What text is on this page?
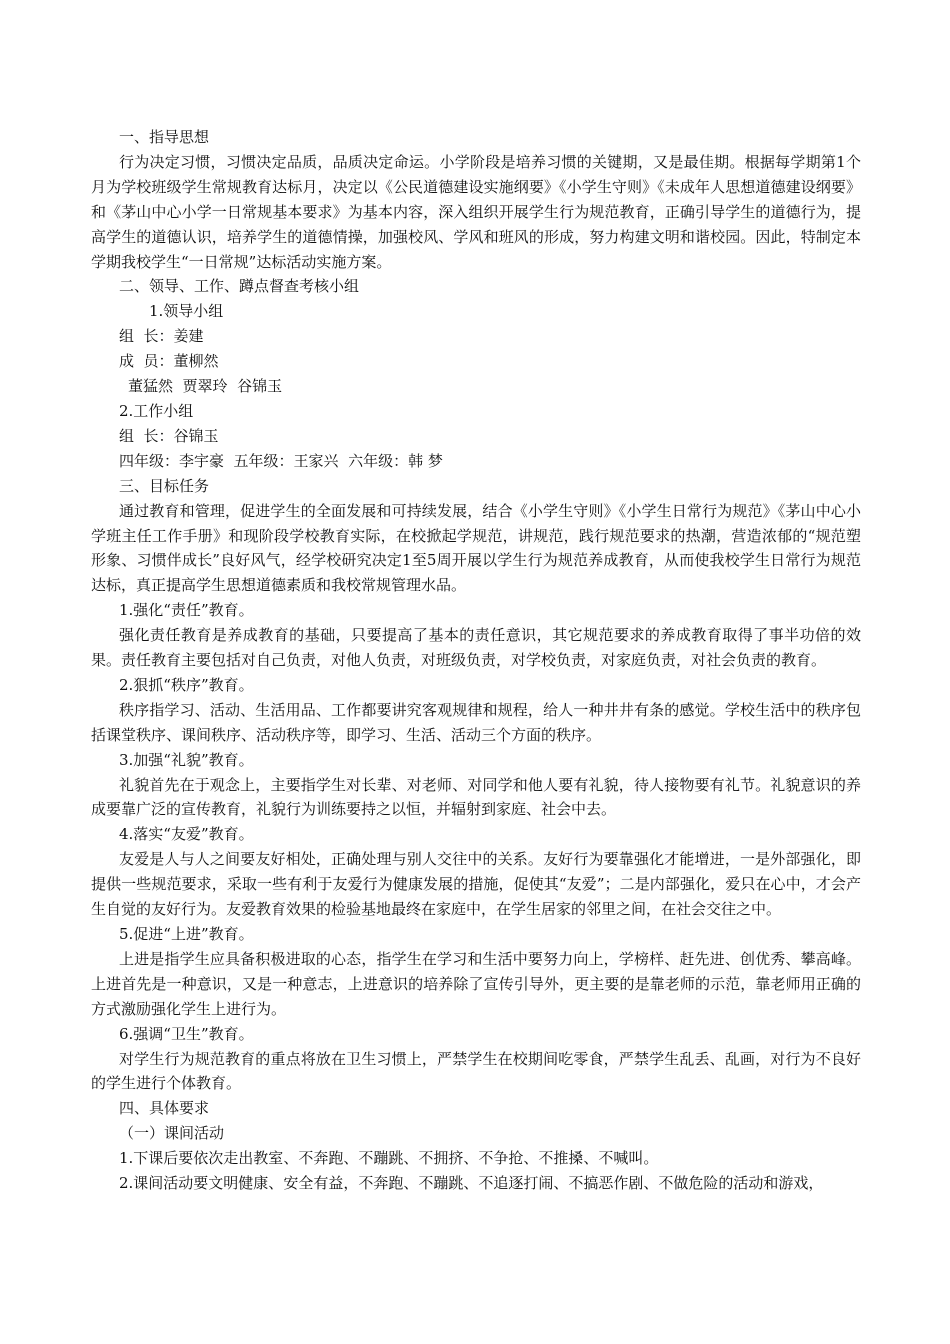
一、指导思想

行为决定习惯，习惯决定品质，品质决定命运。小学阶段是培养习惯的关键期，又是最佳期。根据每学期第1个月为学校班级学生常规教育达标月，决定以《公民道德建设实施纲要》《小学生守则》《未成年人思想道德建设纲要》和《茅山中心小学一日常规基本要求》为基本内容，深入组织开展学生行为规范教育，正确引导学生的道德行为，提高学生的道德认识，培养学生的道德情操，加强校风、学风和班风的形成，努力构建文明和谐校园。因此，特制定本学期我校学生“一日常规”达标活动实施方案。

二、领导、工作、蹲点督查考核小组

1.领导小组

组  长：姜建

成  员：董柳然

董猛然  贾翠玲  谷锦玉

2.工作小组

组  长：谷锦玉

四年级：李宇豪  五年级：王家兴  六年级：韩 梦

三、目标任务

通过教育和管理，促进学生的全面发展和可持续发展，结合《小学生守则》《小学生日常行为规范》《茅山中心小学班主任工作手册》和现阶段学校教育实际，在校掀起学规范，讲规范，践行规范要求的热潮，营造浓郁的“规范塑形象、习惯伴成长”良好风气，经学校研究决定1至5周开展以学生行为规范养成教育，从而使我校学生日常行为规范达标，真正提高学生思想道德素质和我校常规管理水品。

1.强化“责任”教育。

强化责任教育是养成教育的基础，只要提高了基本的责任意识，其它规范要求的养成教育取得了事半功倍的效果。责任教育主要包括对自己负责，对他人负责，对班级负责，对学校负责，对家庭负责，对社会负责的教育。

2.狠抓“秩序”教育。

秩序指学习、活动、生活用品、工作都要讲究客观规律和规程，给人一种井井有条的感觉。学校生活中的秩序包括课堂秩序、课间秩序、活动秩序等，即学习、生活、活动三个方面的秩序。

3.加强“礼貌”教育。

礼貌首先在于观念上，主要指学生对长辈、对老师、对同学和他人要有礼貌，待人接物要有礼节。礼貌意识的养成要靠广泛的宣传教育，礼貌行为训练要持之以恒，并辐射到家庭、社会中去。

4.落实“友爱”教育。

友爱是人与人之间要友好相处，正确处理与别人交往中的关系。友好行为要靠强化才能增进，一是外部强化，即提供一些规范要求，采取一些有利于友爱行为健康发展的措施，促使其“友爱”；二是内部强化，爱只在心中，才会产生自觉的友好行为。友爱教育效果的检验基地最终在家庭中，在学生居家的邻里之间，在社会交往之中。

5.促进“上进”教育。

上进是指学生应具备积极进取的心态，指学生在学习和生活中要努力向上，学榜样、赶先进、创优秀、攀高峰。上进首先是一种意识，又是一种意志，上进意识的培养除了宣传引导外，更主要的是靠老师的示范，靠老师用正确的方式激励强化学生上进行为。

6.强调“卫生”教育。

对学生行为规范教育的重点将放在卫生习惯上，严禁学生在校期间吃零食，严禁学生乱丢、乱画，对行为不良好的学生进行个体教育。

四、具体要求

（一）课间活动

1.下课后要依次走出教室、不奔跑、不蹦跳、不拥挤、不争抢、不推搡、不喊叫。

2.课间活动要文明健康、安全有益，不奔跑、不蹦跳、不追逐打闹、不搞恶作剧、不做危险的活动和游戏，
